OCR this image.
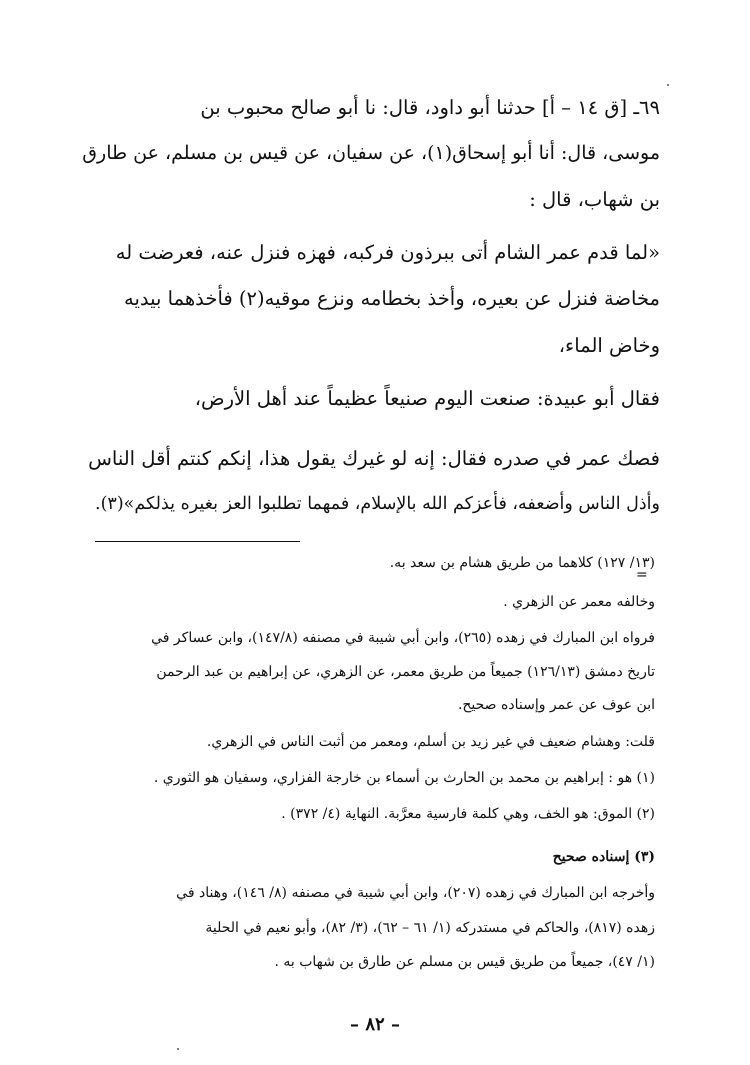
٦٩ـ [ق ١٤ – أ] حدثنا أبو داود، قال: نا أبو صالح محبوب بن
موسى، قال: أنا أبو إسحاق(١)، عن سفيان، عن قيس بن مسلم، عن طارق
بن شهاب، قال :
«لما قدم عمر الشام أتى ببرذون فركبه، فهزه فنزل عنه، فعرضت له
مخاضة فنزل عن بعيره، وأخذ بخطامه ونزع موقيه(٢) فأخذهما بيديه
وخاض الماء،
فقال أبو عبيدة: صنعت اليوم صنيعاً عظيماً عند أهل الأرض،
فصك عمر في صدره فقال: إنه لو غيرك يقول هذا، إنكم كنتم أقل الناس
وأذل الناس وأضعفه، فأعزكم الله بالإسلام، فمهما تطلبوا العز بغيره يذلكم»(٣).
=
(١٣/ ١٢٧) كلاهما من طريق هشام بن سعد به.
وخالفه معمر عن الزهري .
فرواه ابن المبارك في زهده (٢٦٥)، وابن أبي شيبة في مصنفه (١٤٧/٨)، وابن عساكر في
تاريخ دمشق (١٢٦/١٣) جميعاً من طريق معمر، عن الزهري، عن إبراهيم بن عبد الرحمن
ابن عوف عن عمر وإسناده صحيح.
قلت: وهشام ضعيف في غير زيد بن أسلم، ومعمر من أثبت الناس في الزهري.
(١) هو : إبراهيم بن محمد بن الحارث بن أسماء بن خارجة الفزاري، وسفيان هو الثوري .
(٢) الموق: هو الخف، وهي كلمة فارسية معرَّبة. النهاية (٤/ ٣٧٢) .
(٣) إسناده صحيح
وأخرجه ابن المبارك في زهده (٢٠٧)، وابن أبي شيبة في مصنفه (٨/ ١٤٦)، وهناد في
زهده (٨١٧)، والحاكم في مستدركه (١/ ٦١ – ٦٢)، (٣/ ٨٢)، وأبو نعيم في الحلية
(١/ ٤٧)، جميعاً من طريق قيس بن مسلم عن طارق بن شهاب به .
– ٨٢ –
